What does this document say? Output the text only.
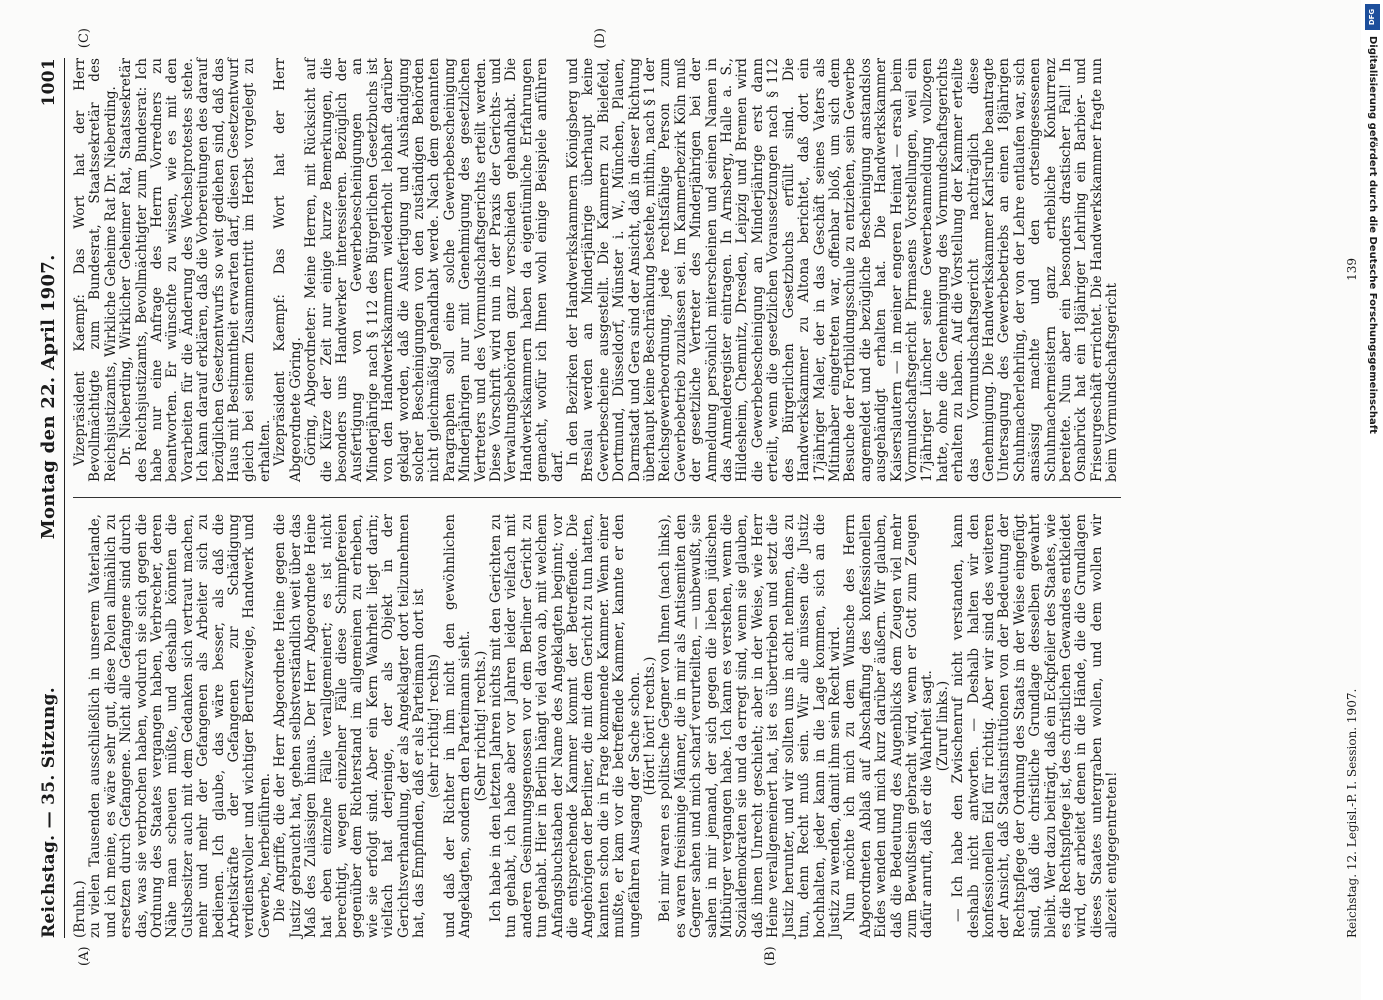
Reichstag. — 35. Sitzung.
Montag den 22. April 1907.
1001
(A)	(B)
(C)	(D)

(Bruhn.) zu vielen Tausenden ausschließlich in unserem Vaterlande, und ich meine, es wäre sehr gut, diese Polen allmählich zu ersetzen durch Gefangene. Nicht alle Gefangene sind durch das, was sie verbrochen haben, wodurch sie sich gegen die Ordnung des Staates vergangen haben, Verbrecher, deren Nähe man scheuen müßte, und deshalb könnten die Gutsbesitzer auch mit dem Gedanken sich vertraut machen, mehr und mehr der Gefangenen als Arbeiter sich zu bedienen. Ich glaube, das wäre besser, als daß die Arbeitskräfte der Gefangenen zur Schädigung verdienstvoller und wichtiger Berufszweige, Handwerk und Gewerbe, herbeiführen. Die Angriffe, die der Herr Abgeordnete Heine gegen die Justiz gebraucht hat, gehen selbstverständlich weit über das Maß des Zulässigen hinaus. Der Herr Abgeordnete Heine hat eben einzelne Fälle verallgemeinert; es ist nicht berechtigt, wegen einzelner Fälle diese Schimpfereien gegenüber dem Richterstand im allgemeinen zu erheben, wie sie erfolgt sind. Aber ein Kern Wahrheit liegt darin; vielfach hat derjenige, der als Objekt in der Gerichtsverhandlung, der als Angeklagter dort teilzunehmen hat, das Empfinden, daß er als Parteimann dort ist (sehr richtig! rechts) und daß der Richter in ihm nicht den gewöhnlichen Angeklagten, sondern den Parteimann sieht. (Sehr richtig! rechts.) Ich habe in den letzten Jahren nichts mit den Gerichten zu tun gehabt, ich habe aber vor Jahren leider vielfach mit anderen Gesinnungsgenossen vor dem Berliner Gericht zu tun gehabt. Hier in Berlin hängt viel davon ab, mit welchem Anfangsbuchstaben der Name des Angeklagten beginnt; vor die entsprechende Kammer kommt der Betreffende. Die Angehörigen der Berliner, die mit dem Gericht zu tun hatten, kannten schon die in Frage kommende Kammer. Wenn einer mußte, er kam vor die betreffende Kammer, kannte er den ungefähren Ausgang der Sache schon. (Hört! hört! rechts.) Bei mir waren es politische Gegner von Ihnen (nach links), es waren freisinnige Männer, die in mir als Antisemiten den Gegner sahen und mich scharf verurteilten, — unbewußt, sie sahen in mir jemand, der sich gegen die lieben jüdischen Mitbürger vergangen habe. Ich kann es verstehen, wenn die Sozialdemokraten sie und da erregt sind, wenn sie glauben, daß ihnen Unrecht geschieht; aber in der Weise, wie Herr Heine verallgemeinert hat, ist es übertrieben und setzt die Justiz herunter, und wir sollten uns in acht nehmen, das zu tun, denn Recht muß sein. Wir alle müssen die Justiz hochhalten, jeder kann in die Lage kommen, sich an die Justiz zu wenden, damit ihm sein Recht wird. Nun möchte ich mich zu dem Wunsche des Herrn Abgeordneten Ablaß auf Abschaffung des konfessionellen Eides wenden und mich kurz darüber äußern. Wir glauben, daß die Bedeutung des Augenblicks dem Zeugen viel mehr zum Bewußtsein gebracht wird, wenn er Gott zum Zeugen dafür anruft, daß er die Wahrheit sagt. (Zuruf links.) — Ich habe den Zwischenruf nicht verstanden, kann deshalb nicht antworten. — Deshalb halten wir den konfessionellen Eid für richtig. Aber wir sind des weiteren der Ansicht, daß Staatsinstitutionen von der Bedeutung der Rechtspflege der Ordnung des Staats in der Weise eingefügt sind, daß die christliche Grundlage desselben gewahrt bleibt. Wer dazu beiträgt, daß ein Eckpfeiler des Staates, wie es die Rechtspflege ist, des christlichen Gewandes entkleidet wird, der arbeitet denen in die Hände, die die Grundlagen dieses Staates untergraben wollen, und dem wollen wir allezeit entgegentreten!

Vizepräsident Kaempf: Das Wort hat der Herr Bevollmächtigte zum Bundesrat, Staatssekretär des Reichsjustizamts, Wirkliche Geheime Rat Dr. Nieberding. Dr. Nieberding, Wirklicher Geheimer Rat, Staatssekretär des Reichsjustizamts, Bevollmächtigter zum Bundesrat: Ich habe nur eine Anfrage des Herrn Vorredners zu beantworten. Er wünschte zu wissen, wie es mit den Vorarbeiten für die Änderung des Wechselprotestes stehe. Ich kann darauf erklären, daß die Vorbereitungen des darauf bezüglichen Gesetzentwurfs so weit gediehen sind, daß das Haus mit Bestimmtheit erwarten darf, diesen Gesetzentwurf gleich bei seinem Zusammentritt im Herbst vorgelegt zu erhalten. Vizepräsident Kaempf: Das Wort hat der Herr Abgeordnete Göring. Göring, Abgeordneter: Meine Herren, mit Rücksicht auf die Kürze der Zeit nur einige kurze Bemerkungen, die besonders uns Handwerker interessieren. Bezüglich der Ausfertigung von Gewerbebescheinigungen an Minderjährige nach § 112 des Bürgerlichen Gesetzbuchs ist von den Handwerkskammern wiederholt lebhaft darüber geklagt worden, daß die Ausfertigung und Aushändigung solcher Bescheinigungen von den zuständigen Behörden nicht gleichmäßig gehandhabt werde. Nach dem genannten Paragraphen soll eine solche Gewerbebescheinigung Minderjährigen nur mit Genehmigung des gesetzlichen Vertreters und des Vormundschaftsgerichts erteilt werden. Diese Vorschrift wird nun in der Praxis der Gerichts- und Verwaltungsbehörden ganz verschieden gehandhabt. Die Handwerkskammern haben da eigentümliche Erfahrungen gemacht, wofür ich Ihnen wohl einige Beispiele anführen darf. In den Bezirken der Handwerkskammern Königsberg und Breslau werden an Minderjährige überhaupt keine Gewerbescheine ausgestellt. Die Kammern zu Bielefeld, Dortmund, Düsseldorf, Münster i. W., München, Plauen, Darmstadt und Gera sind der Ansicht, daß in dieser Richtung überhaupt keine Beschränkung bestehe, mithin, nach § 1 der Reichsgewerbeordnung, jede rechtsfähige Person zum Gewerbebetrieb zuzulassen sei. Im Kammerbezirk Köln muß der gesetzliche Vertreter des Minderjährigen bei der Anmeldung persönlich miterscheinen und seinen Namen in das Anmelderegister eintragen. In Arnsberg, Halle a. S., Hildesheim, Chemnitz, Dresden, Leipzig und Bremen wird die Gewerbebescheinigung an Minderjährige erst dann erteilt, wenn die gesetzlichen Voraussetzungen nach § 112 des Bürgerlichen Gesetzbuchs erfüllt sind. Die Handwerkskammer zu Altona berichtet, daß dort ein 17jähriger Maler, der in das Geschäft seines Vaters als Mitinhaber eingetreten war, offenbar bloß, um sich dem Besuche der Fortbildungsschule zu entziehen, sein Gewerbe angemeldet und die bezügliche Bescheinigung anstandslos ausgehändigt erhalten hat. Die Handwerkskammer Kaiserslautern — in meiner engeren Heimat — ersah beim Vormundschaftsgericht Pirmasens Vorstellungen, weil ein 17jähriger Lüncher seine Gewerbeanmeldung vollzogen hatte, ohne die Genehmigung des Vormundschaftsgerichts erhalten zu haben. Auf die Vorstellung der Kammer erteilte das Vormundschaftsgericht nachträglich diese Genehmigung. Die Handwerkskammer Karlsruhe beantragte Untersagung des Gewerbebetriebs an einen 18jährigen Schuhmacherlehrling, der von der Lehre entlaufen war, sich ansässig machte und den ortseingesessenen Schuhmachermeistern ganz erhebliche Konkurrenz bereitete. Nun aber ein besonders drastischer Fall! In Osnabrück hat ein 18jähriger Lehrling ein Barbier- und Friseurgeschäft errichtet. Die Handwerkskammer fragte nun beim Vormundschaftsgericht

Reichstag. 12. Legisl.-P. I. Session. 1907.
139
DFG
Digitalisierung gefördert durch die Deutsche Forschungsgemeinschaft
